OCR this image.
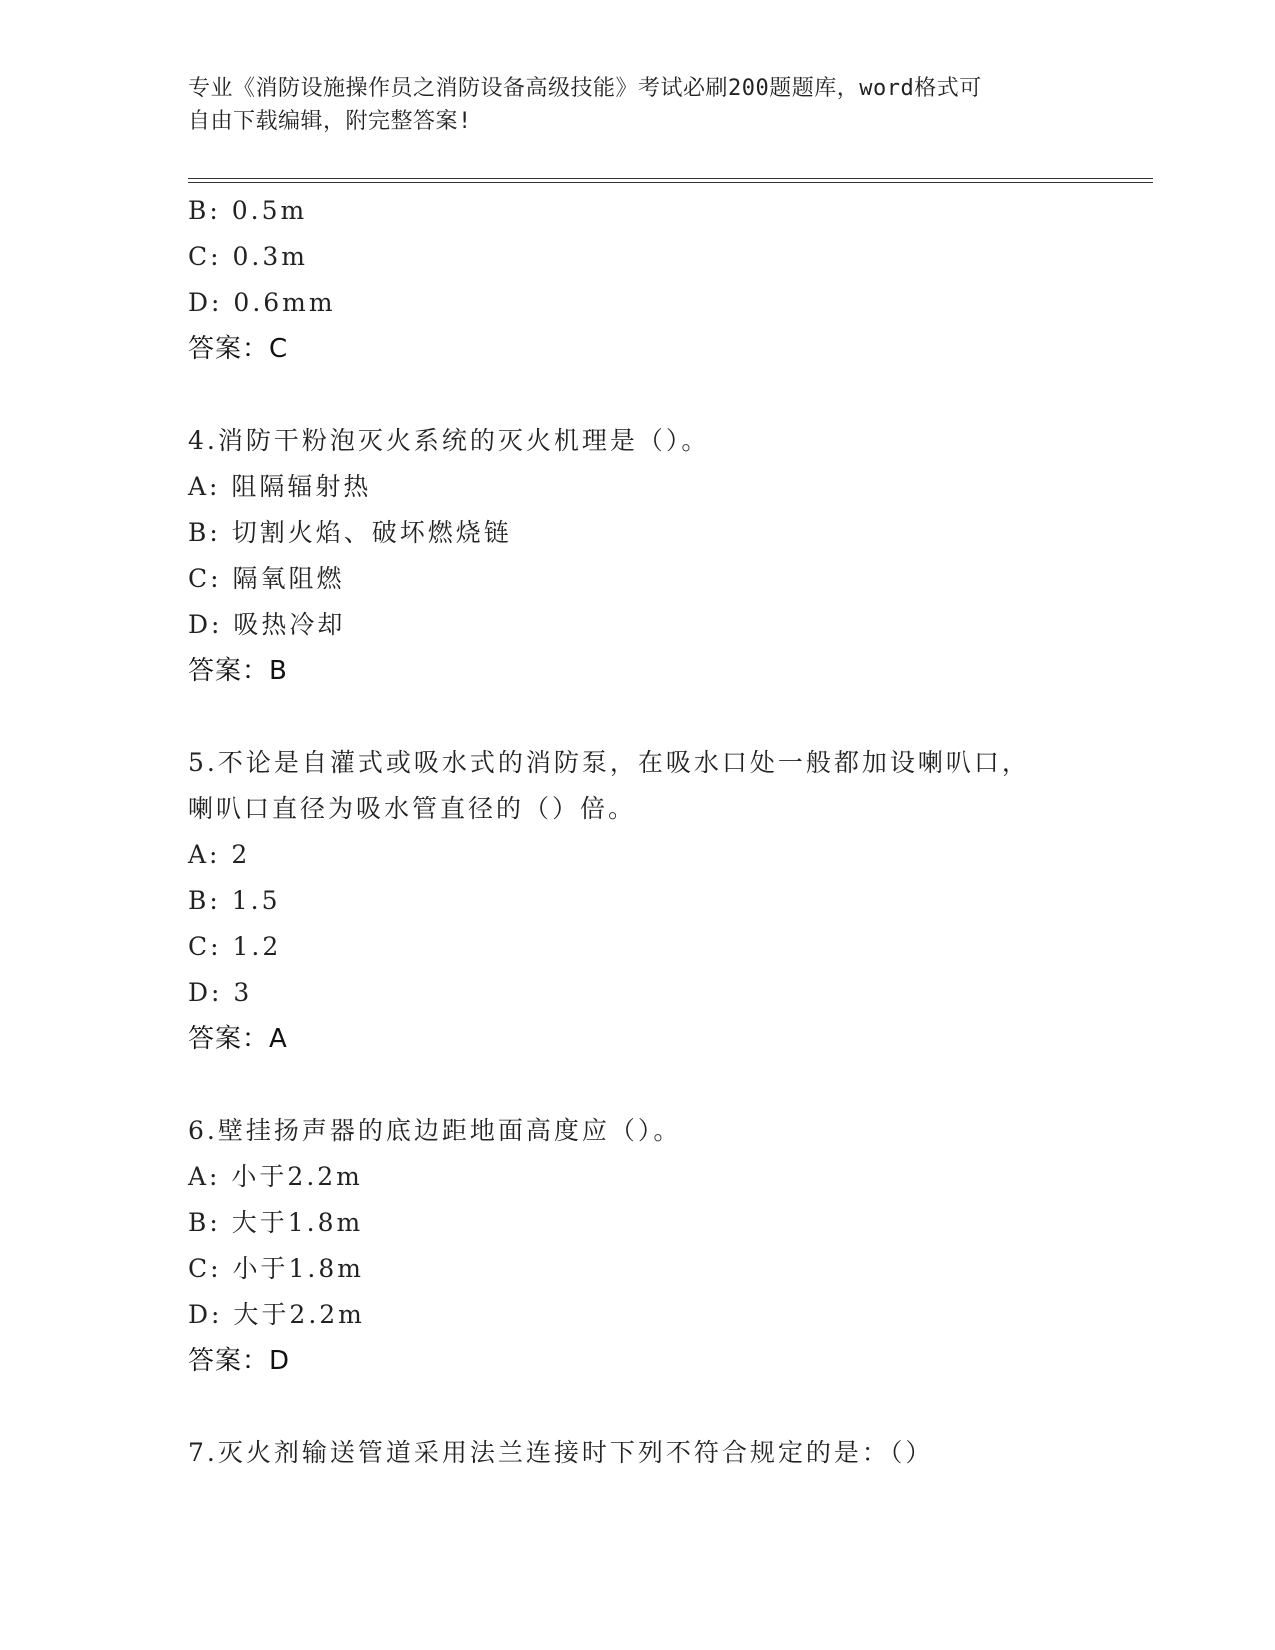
专业《消防设施操作员之消防设备高级技能》考试必刷200题题库，word格式可
自由下载编辑，附完整答案!
B: 0.5m
C: 0.3m
D: 0.6mm
答案：C
4.消防干粉泡灭火系统的灭火机理是（）。
A: 阻隔辐射热
B: 切割火焰、破坏燃烧链
C: 隔氧阻燃
D: 吸热冷却
答案：B
5.不论是自灌式或吸水式的消防泵，在吸水口处一般都加设喇叭口，
喇叭口直径为吸水管直径的（）倍。
A: 2
B: 1.5
C: 1.2
D: 3
答案：A
6.壁挂扬声器的底边距地面高度应（）。
A: 小于2.2m
B: 大于1.8m
C: 小于1.8m
D: 大于2.2m
答案：D
7.灭火剂输送管道采用法兰连接时下列不符合规定的是：（）
